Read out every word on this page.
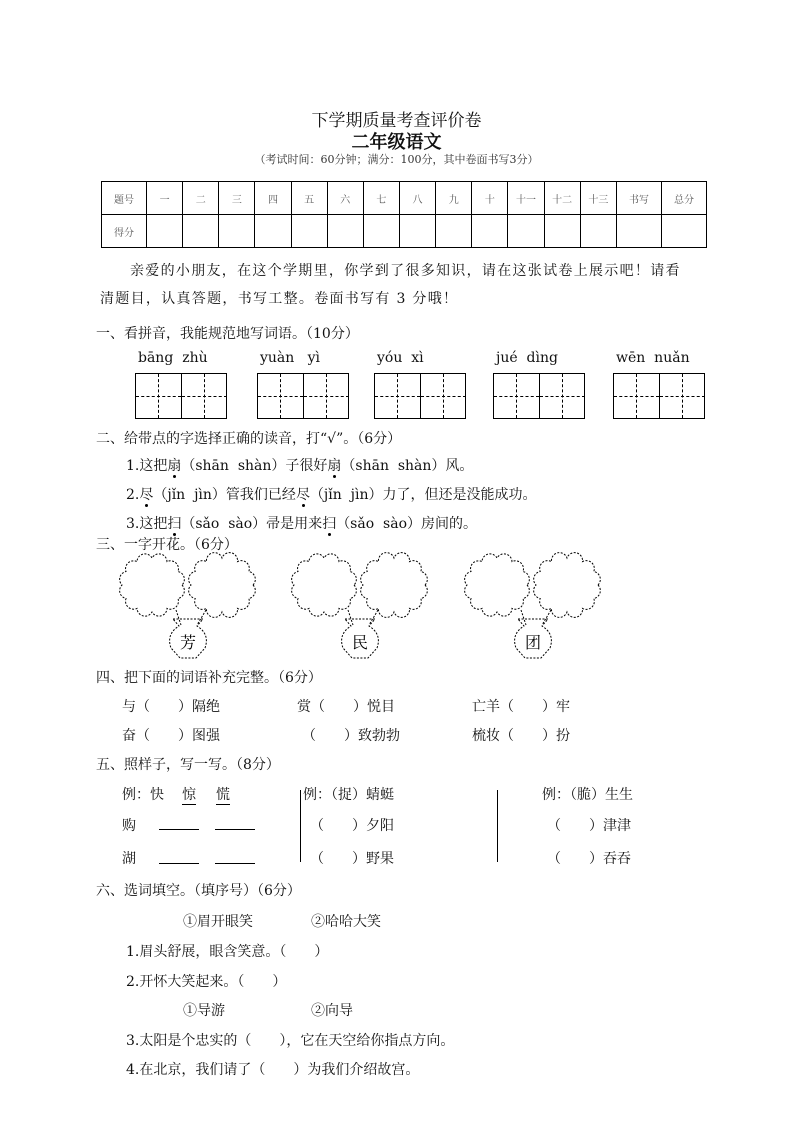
下学期质量考查评价卷
二年级语文
（考试时间：60分钟；满分：100分，其中卷面书写3分）
题号	一	二	三	四	五	六	七	八	九	十	十一	十二	十三	书写	总分
得分															
亲爱的小朋友，在这个学期里，你学到了很多知识，请在这张试卷上展示吧！请看
清题目，认真答题，书写工整。卷面书写有 3 分哦！
一、看拼音，我能规范地写词语。（10分）
bāng  zhù	yuàn   yì	yóu  xì	jué  dìng	wēn  nuǎn
二、给带点的字选择正确的读音，打“√”。（6分）
1.这把扇（shān  shàn）子很好扇（shān  shàn）风。
2.尽（jǐn  jìn）管我们已经尽（jǐn  jìn）力了，但还是没能成功。
3.这把扫（sǎo  sào）帚是用来扫（sǎo  sào）房间的。
三、一字开花。（6分）
芳	民	团
四、把下面的词语补充完整。（6分）
与（　　）隔绝	赏（　　）悦目	亡羊（　　）牢
奋（　　）图强	（　　）致勃勃	梳妆（　　）扮
五、照样子，写一写。（8分）
例：快 惊 慌
购
湖
例：（捉）蜻蜓
（　　）夕阳
（　　）野果
例：（脆）生生
（　　）津津
（　　）吞吞
六、选词填空。（填序号）（6分）
①眉开眼笑	②哈哈大笑
1.眉头舒展，眼含笑意。（　　）
2.开怀大笑起来。（　　）
①导游	②向导
3.太阳是个忠实的（　　），它在天空给你指点方向。
4.在北京，我们请了（　　）为我们介绍故宫。
